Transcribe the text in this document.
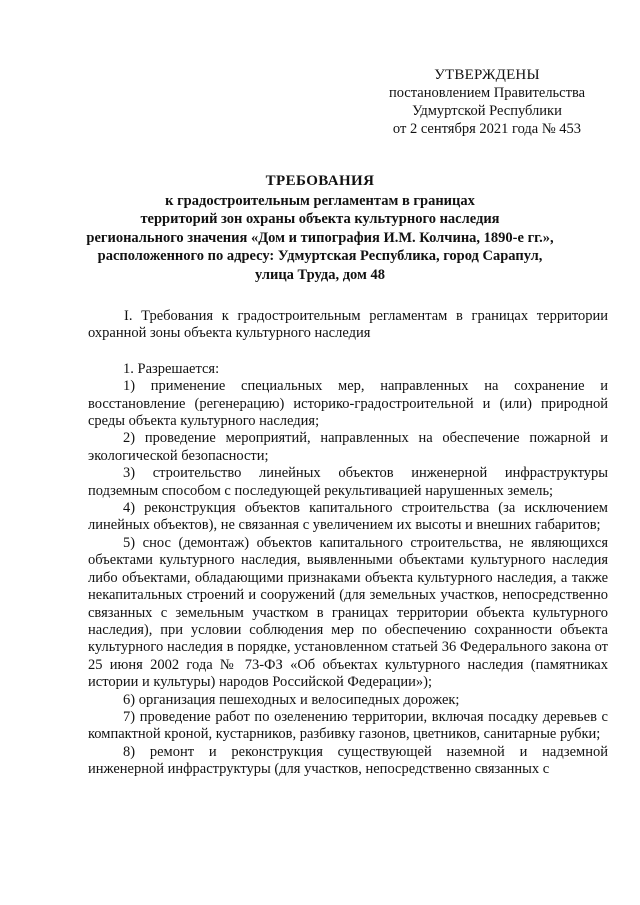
УТВЕРЖДЕНЫ
постановлением Правительства
Удмуртской Республики
от 2 сентября 2021 года № 453
ТРЕБОВАНИЯ
к градостроительным регламентам в границах
территорий зон охраны объекта культурного наследия
регионального значения «Дом и типография И.М. Колчина, 1890-е гг.»,
расположенного по адресу: Удмуртская Республика, город Сарапул,
улица Труда, дом 48

I. Требования к градостроительным регламентам в границах территории охранной зоны объекта культурного наследия

1. Разрешается:

1) применение специальных мер, направленных на сохранение и восстановление (регенерацию) историко-градостроительной и (или) природной среды объекта культурного наследия;

2) проведение мероприятий, направленных на обеспечение пожарной и экологической безопасности;

3) строительство линейных объектов инженерной инфраструктуры подземным способом с последующей рекультивацией нарушенных земель;

4) реконструкция объектов капитального строительства (за исключением линейных объектов), не связанная с увеличением их высоты и внешних габаритов;

5) снос (демонтаж) объектов капитального строительства, не являющихся объектами культурного наследия, выявленными объектами культурного наследия либо объектами, обладающими признаками объекта культурного наследия, а также некапитальных строений и сооружений (для земельных участков, непосредственно связанных с земельным участком в границах территории объекта культурного наследия), при условии соблюдения мер по обеспечению сохранности объекта культурного наследия в порядке, установленном статьей 36 Федерального закона от 25 июня 2002 года № 73-ФЗ «Об объектах культурного наследия (памятниках истории и культуры) народов Российской Федерации»);

6) организация пешеходных и велосипедных дорожек;

7) проведение работ по озеленению территории, включая посадку деревьев с компактной кроной, кустарников, разбивку газонов, цветников, санитарные рубки;

8) ремонт и реконструкция существующей наземной и надземной инженерной инфраструктуры (для участков, непосредственно связанных с
